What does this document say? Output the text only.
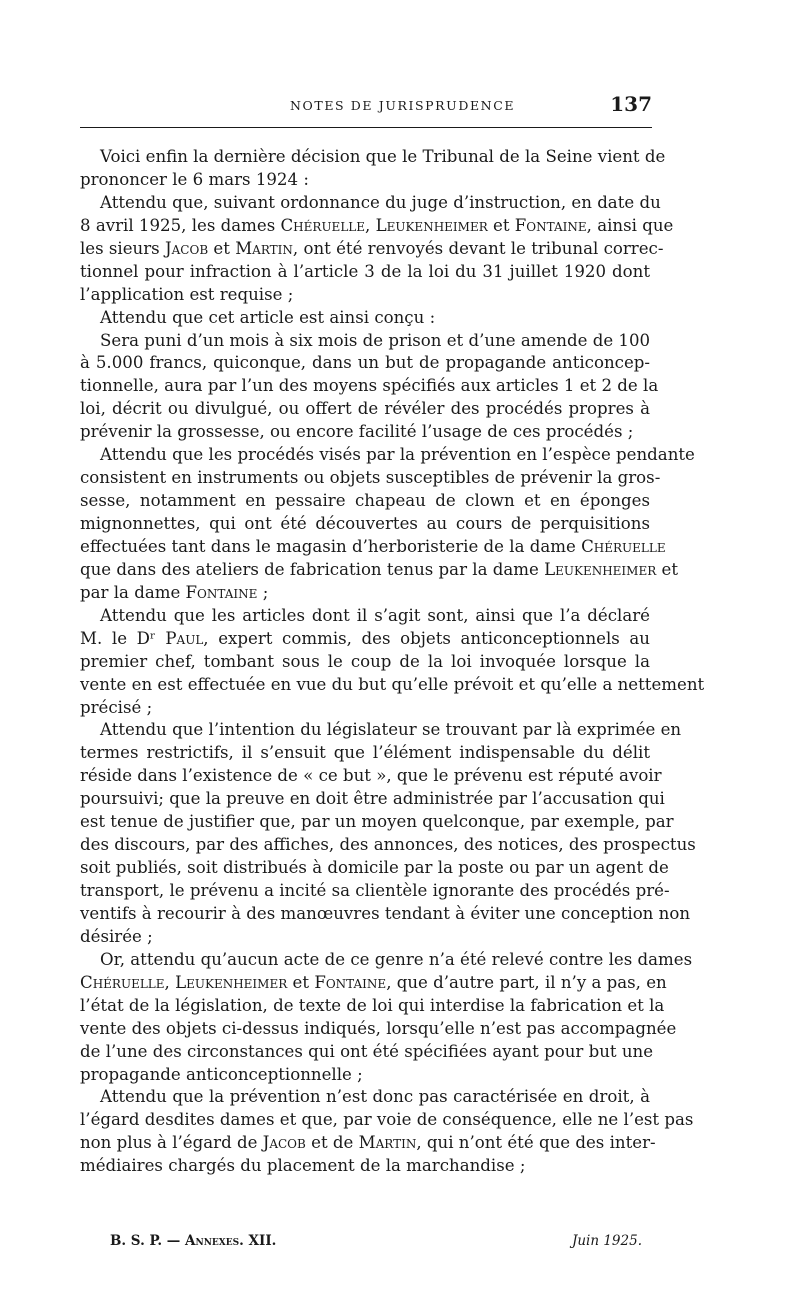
NOTES DE JURISPRUDENCE	137
Voici enfin la dernière décision que le Tribunal de la Seine vient de
prononcer le 6 mars 1924 :
Attendu que, suivant ordonnance du juge d’instruction, en date du
8 avril 1925, les dames Chéruelle, Leukenheimer et Fontaine, ainsi que
les sieurs Jacob et Martin, ont été renvoyés devant le tribunal correc-
tionnel pour infraction à l’article 3 de la loi du 31 juillet 1920 dont
l’application est requise ;
Attendu que cet article est ainsi conçu :
Sera puni d’un mois à six mois de prison et d’une amende de 100
à 5.000 francs, quiconque, dans un but de propagande anticoncep-
tionnelle, aura par l’un des moyens spécifiés aux articles 1 et 2 de la
loi, décrit ou divulgué, ou offert de révéler des procédés propres à
prévenir la grossesse, ou encore facilité l’usage de ces procédés ;
Attendu que les procédés visés par la prévention en l’espèce pendante
consistent en instruments ou objets susceptibles de prévenir la gros-
sesse, notamment en pessaire chapeau de clown et en éponges
mignonnettes, qui ont été découvertes au cours de perquisitions
effectuées tant dans le magasin d’herboristerie de la dame Chéruelle
que dans des ateliers de fabrication tenus par la dame Leukenheimer et
par la dame Fontaine ;
Attendu que les articles dont il s’agit sont, ainsi que l’a déclaré
M. le Dʳ Paul, expert commis, des objets anticonceptionnels au
premier chef, tombant sous le coup de la loi invoquée lorsque la
vente en est effectuée en vue du but qu’elle prévoit et qu’elle a nettement
précisé ;
Attendu que l’intention du législateur se trouvant par là exprimée en
termes restrictifs, il s’ensuit que l’élément indispensable du délit
réside dans l’existence de « ce but », que le prévenu est réputé avoir
poursuivi; que la preuve en doit être administrée par l’accusation qui
est tenue de justifier que, par un moyen quelconque, par exemple, par
des discours, par des affiches, des annonces, des notices, des prospectus
soit publiés, soit distribués à domicile par la poste ou par un agent de
transport, le prévenu a incité sa clientèle ignorante des procédés pré-
ventifs à recourir à des manœuvres tendant à éviter une conception non
désirée ;
Or, attendu qu’aucun acte de ce genre n’a été relevé contre les dames
Chéruelle, Leukenheimer et Fontaine, que d’autre part, il n’y a pas, en
l’état de la législation, de texte de loi qui interdise la fabrication et la
vente des objets ci-dessus indiqués, lorsqu’elle n’est pas accompagnée
de l’une des circonstances qui ont été spécifiées ayant pour but une
propagande anticonceptionnelle ;
Attendu que la prévention n’est donc pas caractérisée en droit, à
l’égard desdites dames et que, par voie de conséquence, elle ne l’est pas
non plus à l’égard de Jacob et de Martin, qui n’ont été que des inter-
médiaires chargés du placement de la marchandise ;
B. S. P. — Annexes. XII.	Juin 1925.
